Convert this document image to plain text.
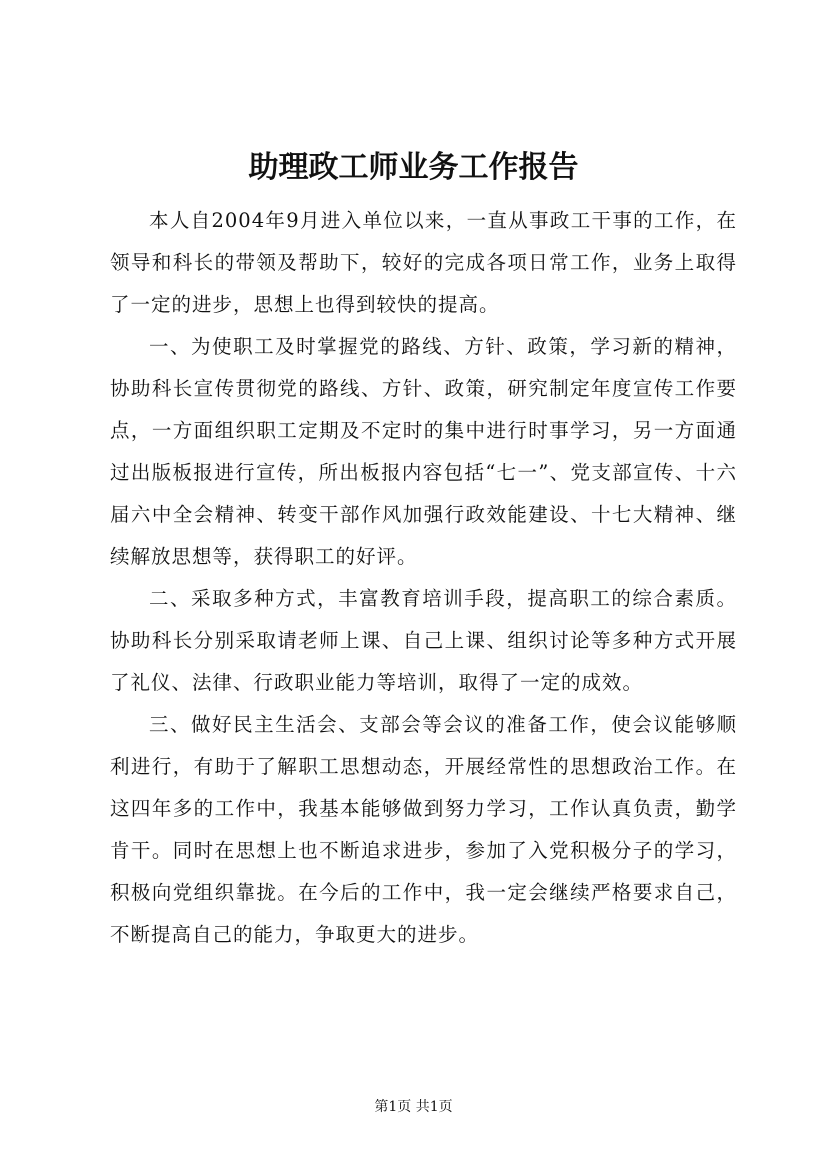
助理政工师业务工作报告

本人自2004年9月进入单位以来，一直从事政工干事的工作，在领导和科长的带领及帮助下，较好的完成各项日常工作，业务上取得了一定的进步，思想上也得到较快的提高。

一、为使职工及时掌握党的路线、方针、政策，学习新的精神，协助科长宣传贯彻党的路线、方针、政策，研究制定年度宣传工作要点，一方面组织职工定期及不定时的集中进行时事学习，另一方面通过出版板报进行宣传，所出板报内容包括“七一”、党支部宣传、十六届六中全会精神、转变干部作风加强行政效能建设、十七大精神、继续解放思想等，获得职工的好评。

二、采取多种方式，丰富教育培训手段，提高职工的综合素质。协助科长分别采取请老师上课、自己上课、组织讨论等多种方式开展了礼仪、法律、行政职业能力等培训，取得了一定的成效。

三、做好民主生活会、支部会等会议的准备工作，使会议能够顺利进行，有助于了解职工思想动态，开展经常性的思想政治工作。在这四年多的工作中，我基本能够做到努力学习，工作认真负责，勤学肯干。同时在思想上也不断追求进步，参加了入党积极分子的学习，积极向党组织靠拢。在今后的工作中，我一定会继续严格要求自己，不断提高自己的能力，争取更大的进步。

第1页 共1页
